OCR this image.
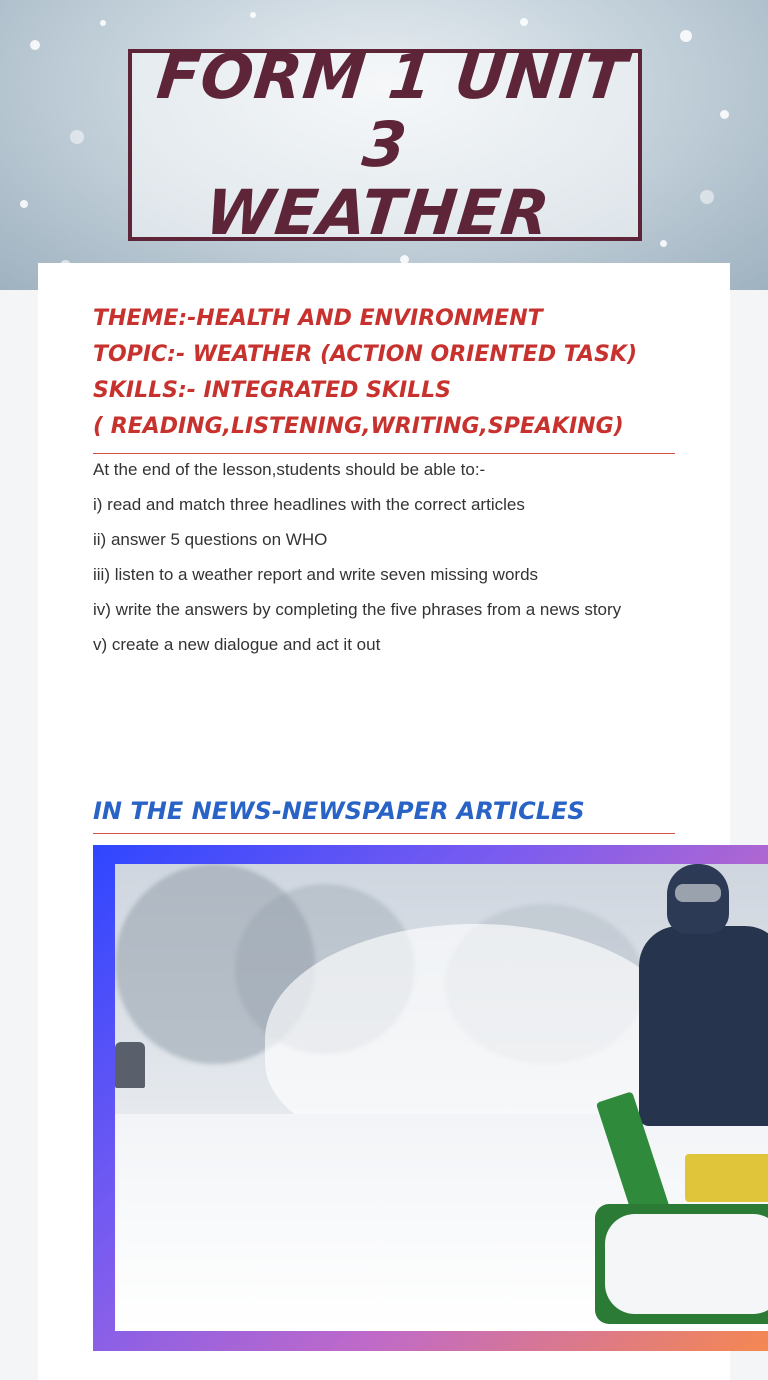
FORM 1 UNIT 3
WEATHER
THEME:-HEALTH AND ENVIRONMENT
TOPIC:- WEATHER (ACTION ORIENTED TASK)
SKILLS:- INTEGRATED SKILLS
( READING,LISTENING,WRITING,SPEAKING)

At the end of the lesson,students should be able to:-

i) read and match three headlines with the correct articles

ii) answer 5 questions on WHO

iii) listen to a weather report and write seven missing words

iv) write the answers by completing the five phrases from a news story

v) create a new dialogue and act it out

IN THE NEWS-NEWSPAPER ARTICLES
